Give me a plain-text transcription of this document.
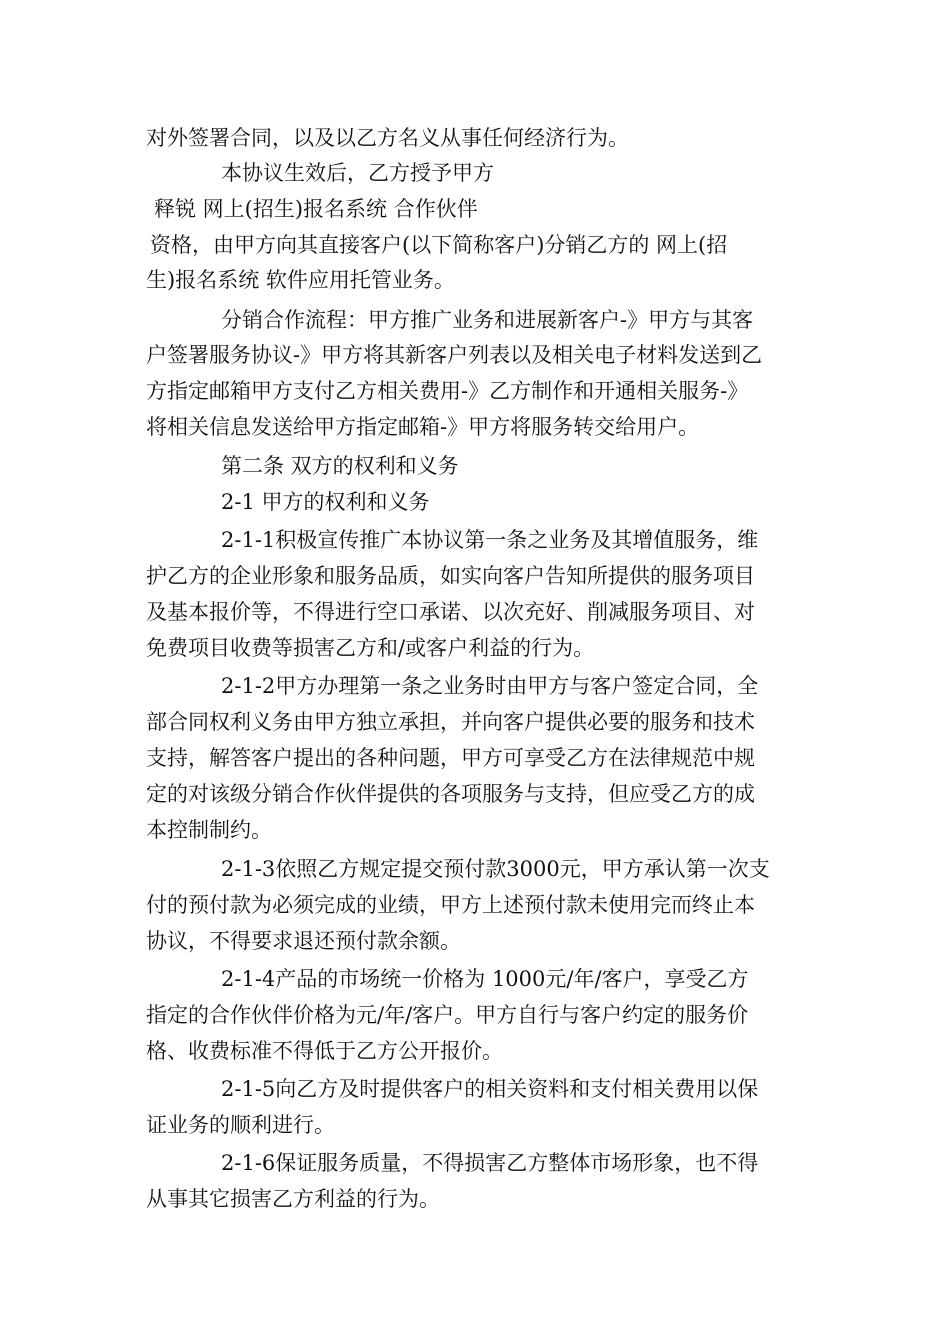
对外签署合同，以及以乙方名义从事任何经济行为。
本协议生效后，乙方授予甲方
释锐 网上(招生)报名系统 合作伙伴
资格，由甲方向其直接客户(以下简称客户)分销乙方的 网上(招
生)报名系统 软件应用托管业务。
分销合作流程：甲方推广业务和进展新客户-》甲方与其客
户签署服务协议-》甲方将其新客户列表以及相关电子材料发送到乙
方指定邮箱甲方支付乙方相关费用-》乙方制作和开通相关服务-》
将相关信息发送给甲方指定邮箱-》甲方将服务转交给用户。
第二条 双方的权利和义务
2-1 甲方的权利和义务
2-1-1积极宣传推广本协议第一条之业务及其增值服务，维
护乙方的企业形象和服务品质，如实向客户告知所提供的服务项目
及基本报价等，不得进行空口承诺、以次充好、削减服务项目、对
免费项目收费等损害乙方和/或客户利益的行为。
2-1-2甲方办理第一条之业务时由甲方与客户签定合同，全
部合同权利义务由甲方独立承担，并向客户提供必要的服务和技术
支持，解答客户提出的各种问题，甲方可享受乙方在法律规范中规
定的对该级分销合作伙伴提供的各项服务与支持，但应受乙方的成
本控制制约。
2-1-3依照乙方规定提交预付款3000元，甲方承认第一次支
付的预付款为必须完成的业绩，甲方上述预付款未使用完而终止本
协议，不得要求退还预付款余额。
2-1-4产品的市场统一价格为 1000元/年/客户，享受乙方
指定的合作伙伴价格为元/年/客户。甲方自行与客户约定的服务价
格、收费标准不得低于乙方公开报价。
2-1-5向乙方及时提供客户的相关资料和支付相关费用以保
证业务的顺利进行。
2-1-6保证服务质量，不得损害乙方整体市场形象，也不得
从事其它损害乙方利益的行为。
